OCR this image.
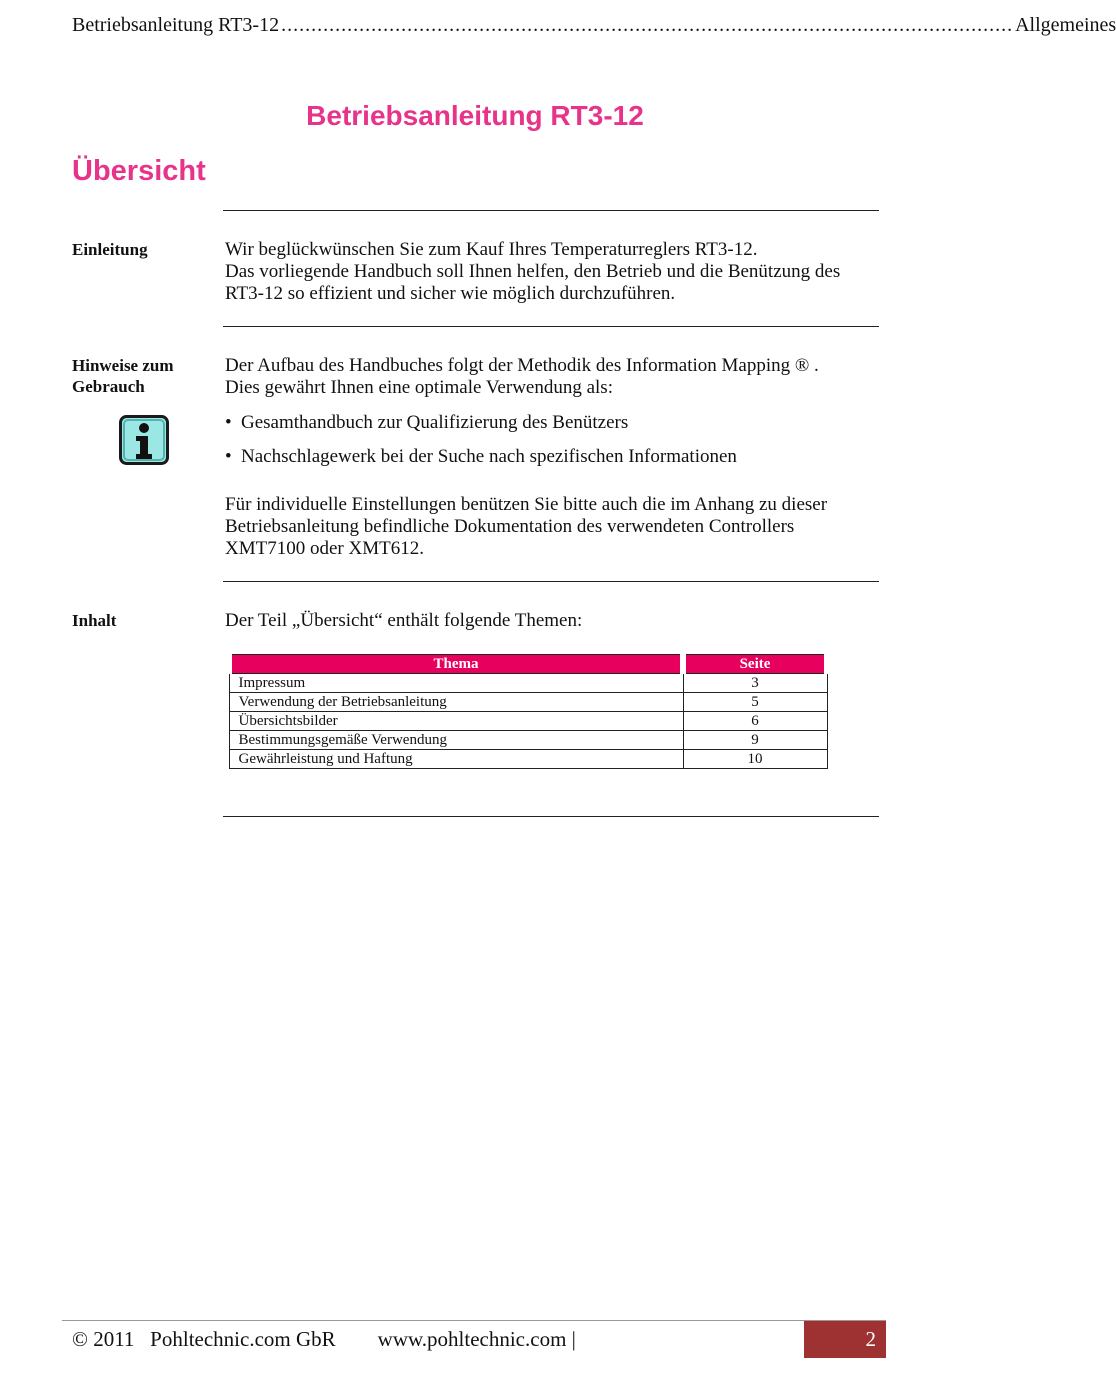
Betriebsanleitung RT3-12 .......................................................................................................................... Allgemeines
Betriebsanleitung RT3-12
Übersicht
Einleitung	Wir beglückwünschen Sie zum Kauf Ihres Temperaturreglers RT3-12.
Das vorliegende Handbuch soll Ihnen helfen, den Betrieb und die Benützung des
RT3-12 so effizient und sicher wie möglich durchzuführen.
Hinweise zum
Gebrauch
Der Aufbau des Handbuches folgt der Methodik des Information Mapping ® .
Dies gewährt Ihnen eine optimale Verwendung als:
• Gesamthandbuch zur Qualifizierung des Benützers
• Nachschlagewerk bei der Suche nach spezifischen Informationen
Für individuelle Einstellungen benützen Sie bitte auch die im Anhang zu dieser
Betriebsanleitung befindliche Dokumentation des verwendeten Controllers
XMT7100 oder XMT612.
Inhalt	Der Teil „Übersicht“ enthält folgende Themen:
Thema	Seite
Impressum	3
Verwendung der Betriebsanleitung	5
Übersichtsbilder	6
Bestimmungsgemäße Verwendung	9
Gewährleistung und Haftung	10
© 2011   Pohltechnic.com GbR        www.pohltechnic.com |	2
